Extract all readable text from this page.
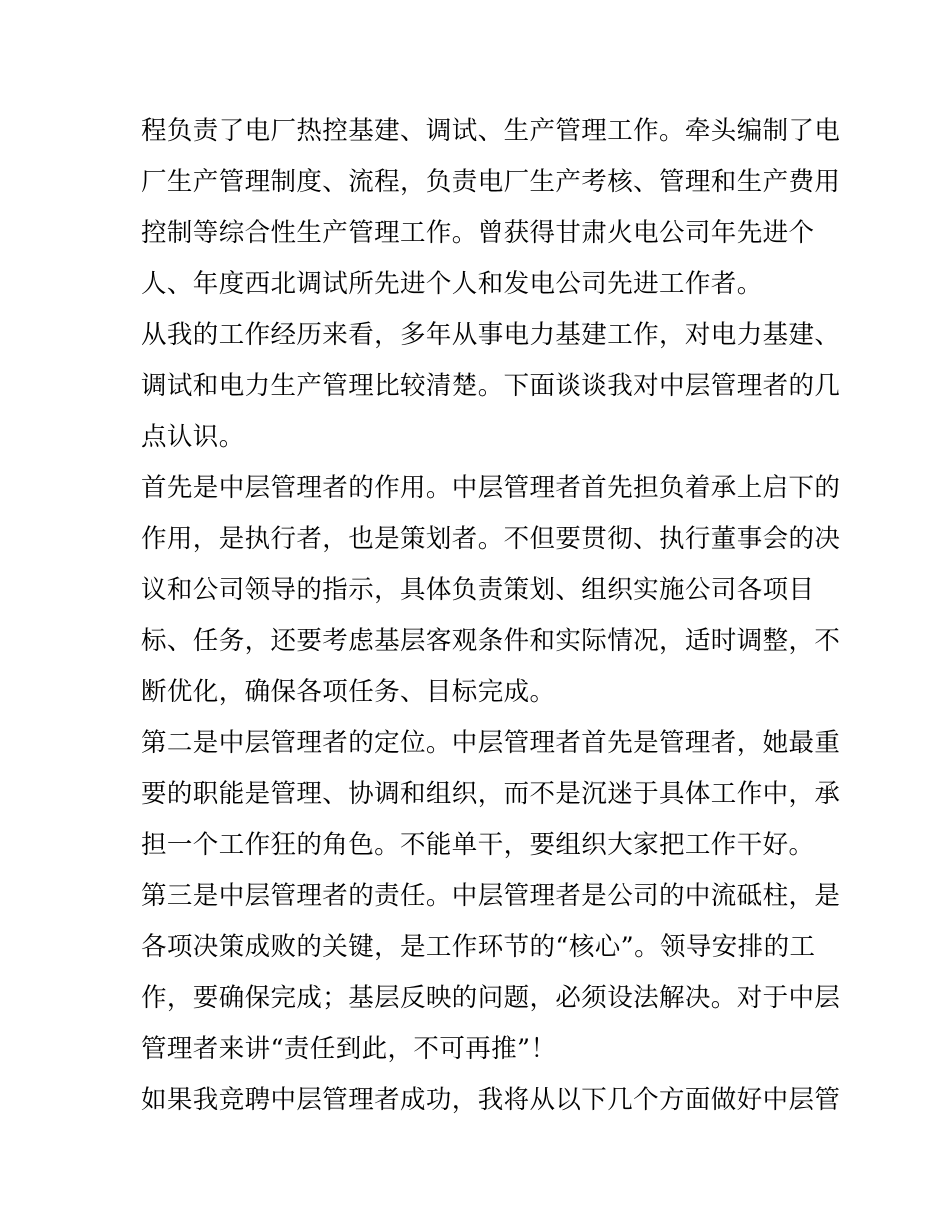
程负责了电厂热控基建、调试、生产管理工作。牵头编制了电
厂生产管理制度、流程，负责电厂生产考核、管理和生产费用
控制等综合性生产管理工作。曾获得甘肃火电公司年先进个
人、年度西北调试所先进个人和发电公司先进工作者。
从我的工作经历来看，多年从事电力基建工作，对电力基建、
调试和电力生产管理比较清楚。下面谈谈我对中层管理者的几
点认识。
首先是中层管理者的作用。中层管理者首先担负着承上启下的
作用，是执行者，也是策划者。不但要贯彻、执行董事会的决
议和公司领导的指示，具体负责策划、组织实施公司各项目
标、任务，还要考虑基层客观条件和实际情况，适时调整，不
断优化，确保各项任务、目标完成。
第二是中层管理者的定位。中层管理者首先是管理者，她最重
要的职能是管理、协调和组织，而不是沉迷于具体工作中，承
担一个工作狂的角色。不能单干，要组织大家把工作干好。
第三是中层管理者的责任。中层管理者是公司的中流砥柱，是
各项决策成败的关键，是工作环节的“核心”。领导安排的工
作，要确保完成；基层反映的问题，必须设法解决。对于中层
管理者来讲“责任到此，不可再推”！
如果我竞聘中层管理者成功，我将从以下几个方面做好中层管
